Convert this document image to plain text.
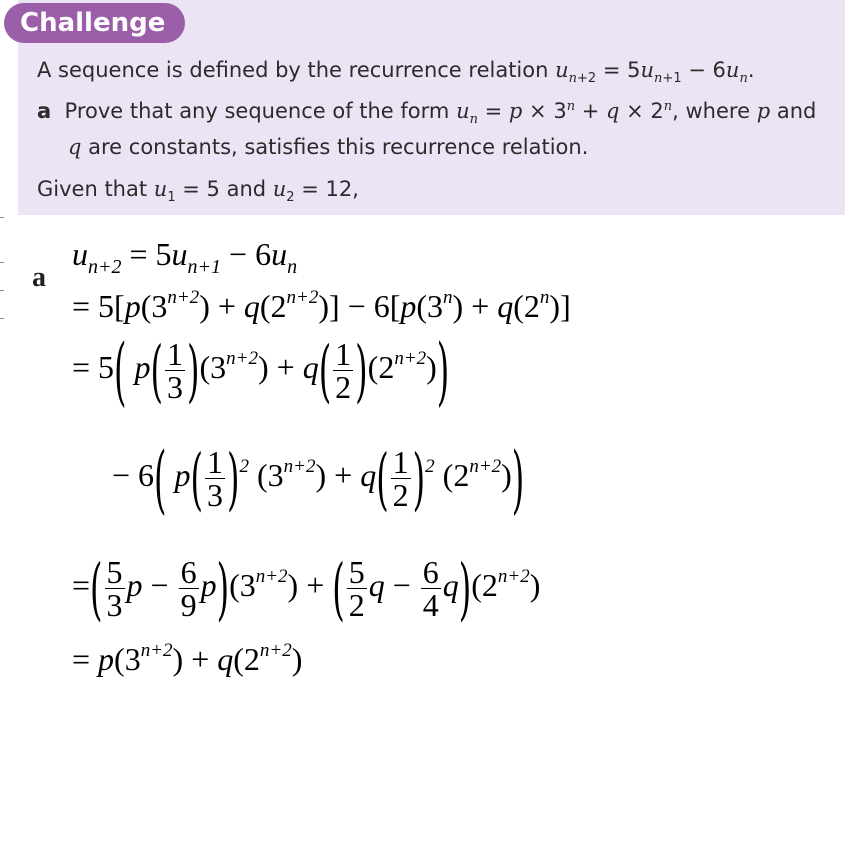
Challenge
A sequence is defined by the recurrence relation $u_{n+2} = 5u_{n+1} - 6u_n$.
a Prove that any sequence of the form $u_n = p \times 3^n + q \times 2^n$, where p and
q are constants, satisfies this recurrence relation.
Given that $u_1 = 5$ and $u_2 = 12$,
a
$u_{n+2} = 5u_{n+1} - 6u_n$
= $5[p(3^{n+2}) + q(2^{n+2})] - 6[p(3^n) + q(2^n)]$
= 5( $p( \frac{1}{3} )(3^{n+2}) + q( \frac{1}{2} )(2^{n+2})$)
− 6( $p( \frac{1}{3} )^2$ $(3^{n+2}) + q( \frac{1}{2} )^2$ $(2^{n+2})$)
=( $\frac{5}{3}$ $p - \frac{6}{9} p)(3^{n+2})$ + ( $\frac{5}{2}$ $q - \frac{6}{4} q)(2^{n+2})$
= $p(3^{n+2}) + q(2^{n+2})$
